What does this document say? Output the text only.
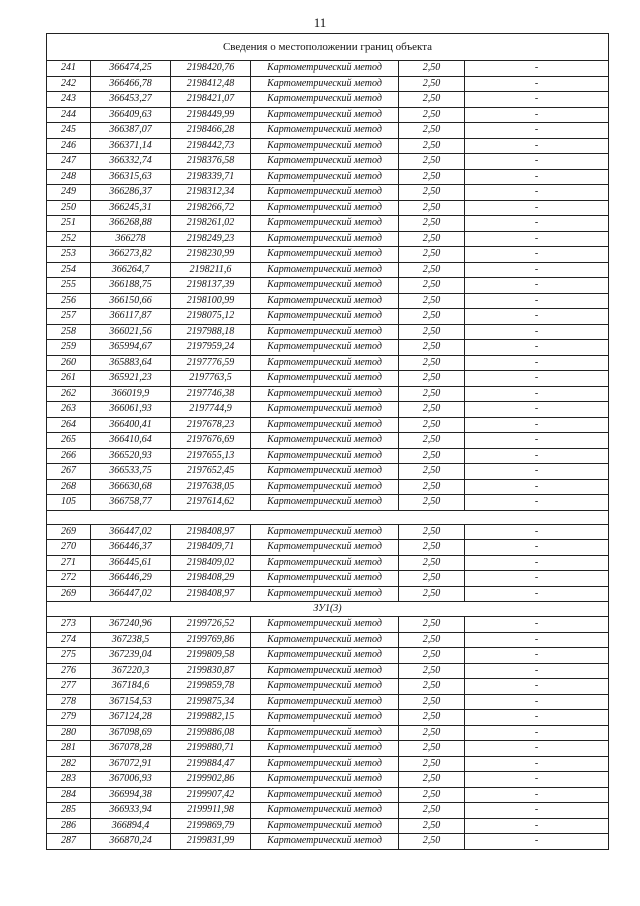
11
Сведения о местоположении границ объекта					
241	366474,25	2198420,76	Картометрический метод	2,50	-
242	366466,78	2198412,48	Картометрический метод	2,50	-
243	366453,27	2198421,07	Картометрический метод	2,50	-
244	366409,63	2198449,99	Картометрический метод	2,50	-
245	366387,07	2198466,28	Картометрический метод	2,50	-
246	366371,14	2198442,73	Картометрический метод	2,50	-
247	366332,74	2198376,58	Картометрический метод	2,50	-
248	366315,63	2198339,71	Картометрический метод	2,50	-
249	366286,37	2198312,34	Картометрический метод	2,50	-
250	366245,31	2198266,72	Картометрический метод	2,50	-
251	366268,88	2198261,02	Картометрический метод	2,50	-
252	366278	2198249,23	Картометрический метод	2,50	-
253	366273,82	2198230,99	Картометрический метод	2,50	-
254	366264,7	2198211,6	Картометрический метод	2,50	-
255	366188,75	2198137,39	Картометрический метод	2,50	-
256	366150,66	2198100,99	Картометрический метод	2,50	-
257	366117,87	2198075,12	Картометрический метод	2,50	-
258	366021,56	2197988,18	Картометрический метод	2,50	-
259	365994,67	2197959,24	Картометрический метод	2,50	-
260	365883,64	2197776,59	Картометрический метод	2,50	-
261	365921,23	2197763,5	Картометрический метод	2,50	-
262	366019,9	2197746,38	Картометрический метод	2,50	-
263	366061,93	2197744,9	Картометрический метод	2,50	-
264	366400,41	2197678,23	Картометрический метод	2,50	-
265	366410,64	2197676,69	Картометрический метод	2,50	-
266	366520,93	2197655,13	Картометрический метод	2,50	-
267	366533,75	2197652,45	Картометрический метод	2,50	-
268	366630,68	2197638,05	Картометрический метод	2,50	-
105	366758,77	2197614,62	Картометрический метод	2,50	-

269	366447,02	2198408,97	Картометрический метод	2,50	-
270	366446,37	2198409,71	Картометрический метод	2,50	-
271	366445,61	2198409,02	Картометрический метод	2,50	-
272	366446,29	2198408,29	Картометрический метод	2,50	-
269	366447,02	2198408,97	Картометрический метод	2,50	-
ЗУ1(3)					
273	367240,96	2199726,52	Картометрический метод	2,50	-
274	367238,5	2199769,86	Картометрический метод	2,50	-
275	367239,04	2199809,58	Картометрический метод	2,50	-
276	367220,3	2199830,87	Картометрический метод	2,50	-
277	367184,6	2199859,78	Картометрический метод	2,50	-
278	367154,53	2199875,34	Картометрический метод	2,50	-
279	367124,28	2199882,15	Картометрический метод	2,50	-
280	367098,69	2199886,08	Картометрический метод	2,50	-
281	367078,28	2199880,71	Картометрический метод	2,50	-
282	367072,91	2199884,47	Картометрический метод	2,50	-
283	367006,93	2199902,86	Картометрический метод	2,50	-
284	366994,38	2199907,42	Картометрический метод	2,50	-
285	366933,94	2199911,98	Картометрический метод	2,50	-
286	366894,4	2199869,79	Картометрический метод	2,50	-
287	366870,24	2199831,99	Картометрический метод	2,50	-
